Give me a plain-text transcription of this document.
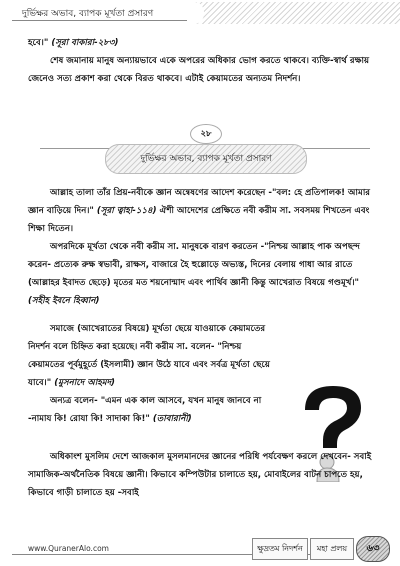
দুর্ভিক্ষর অভাব, ব্যাপক মূর্খতা প্রসারণ
হবে।" (সূরা বাকারা-২৮৩)
শেষ জমানায় মানুষ অন্যায়ভাবে একে অপরের অধিকার ভোগ করতে থাকবে। ব্যক্তি-স্বার্থ রক্ষায় জেনেও সত্য প্রকাশ করা থেকে বিরত থাকবে। এটাই কেয়ামতের অন্যতম নিদর্শন।
২৮
দুর্ভিক্ষর অভাব, ব্যাপক মূর্খতা প্রসারণ
আল্লাহ তালা তাঁর প্রিয়-নবীকে জ্ঞান অন্বেষণের আদেশ করেছেন -"বল: হে প্রতিপালক! আমার জ্ঞান বাড়িয়ে দিন।" (সূরা ত্বাহা-১১৪) ঐশী আদেশের প্রেক্ষিতে নবী করীম সা. সবসময় শিখতেন এবং শিক্ষা দিতেন।
অপরদিকে মূর্খতা থেকে নবী করীম সা. মানুষকে বারণ করতেন -"নিশ্চয় আল্লাহ পাক অপছন্দ করেন- প্রত্যেক রুক্ষ স্বভাবী, রাক্ষস, বাজারে হৈ হুল্লোড়ে অভ্যস্ত, দিনের বেলায় গাধা আর রাতে (আল্লাহর ইবাদত ছেড়ে) মৃতের মত শয়নোন্মাদ এবং পার্থিব জ্ঞানী কিন্তু আখেরাত বিষয়ে গণ্ডমূর্খ।" (সহীহ ইবনে হিব্বান)
সমাজে (আখেরাতের বিষয়ে) মূর্খতা ছেয়ে যাওয়াকে কেয়ামতের নিদর্শন বলে চিহ্নিত করা হয়েছে। নবী করীম সা. বলেন- "নিশ্চয় কেয়ামতের পূর্বমুহূর্তে (ইসলামী) জ্ঞান উঠে যাবে এবং সর্বত্র মূর্খতা ছেয়ে যাবে।" (মুসনাদে আহমদ)
অন্যত্র বলেন- "এমন এক কাল আসবে, যখন মানুষ জানবে না -নামায কি! রোযা কি! সাদাকা কি!" (তাবারানী)
অধিকাংশ মুসলিম দেশে আজকাল মুসলমানদের জ্ঞানের পরিধি পর্যবেক্ষণ করলে দেখবেন- সবাই সামাজিক-অর্থনৈতিক বিষয়ে জ্ঞানী। কিভাবে কম্পিউটার চালাতে হয়, মোবাইলের বাটন চাপতে হয়, কিভাবে গাড়ী চালাতে হয় -সবাই
www.QuranerAlo.com	ক্ষুদ্রতম নিদর্শন	মহা প্রলয়	৬৩
